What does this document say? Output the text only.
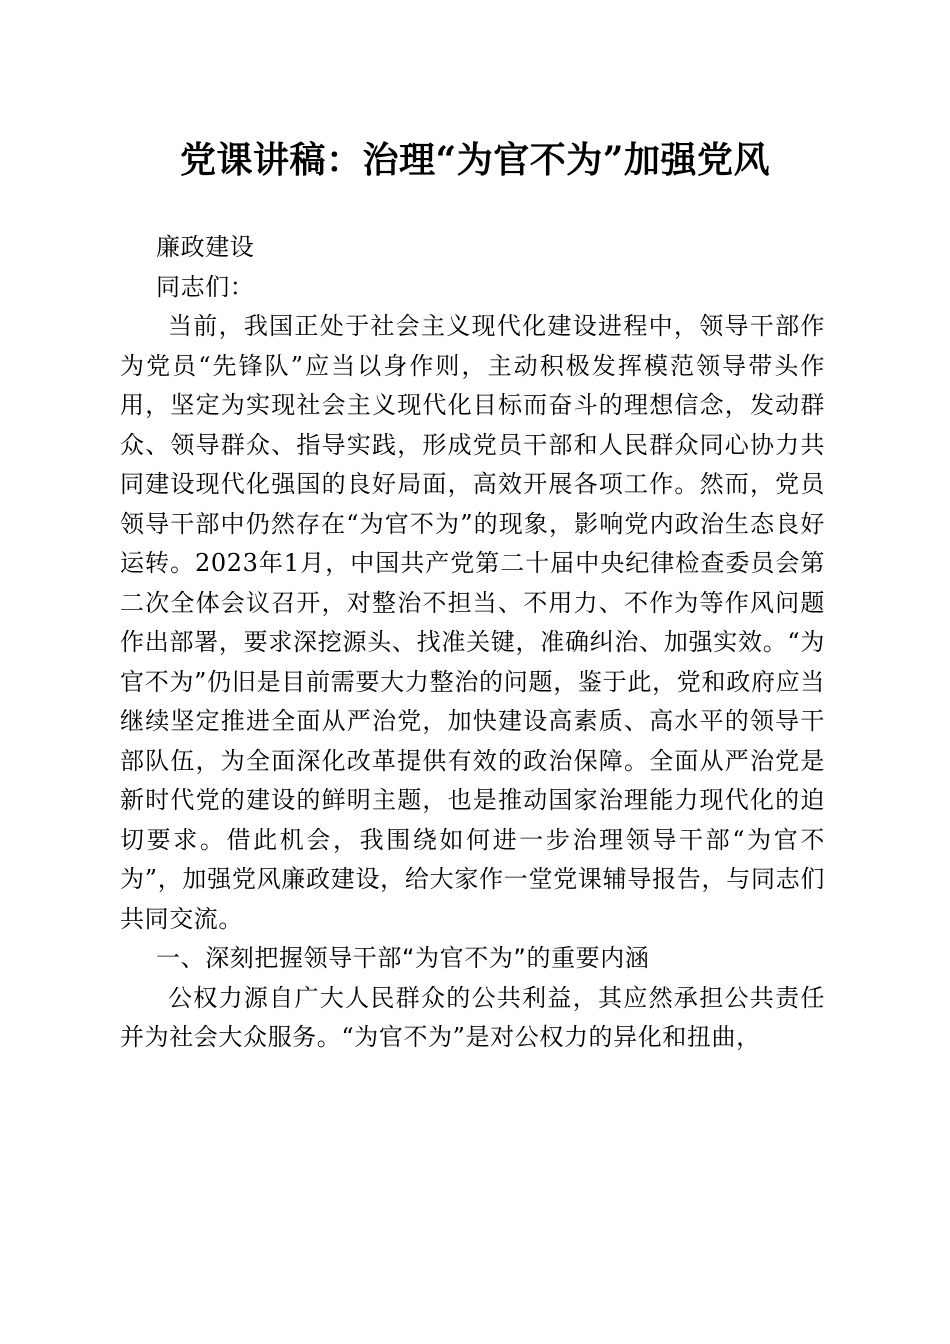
党课讲稿：治理“为官不为”加强党风

廉政建设

同志们：

当前，我国正处于社会主义现代化建设进程中，领导干部作为党员“先锋队”应当以身作则，主动积极发挥模范领导带头作用，坚定为实现社会主义现代化目标而奋斗的理想信念，发动群众、领导群众、指导实践，形成党员干部和人民群众同心协力共同建设现代化强国的良好局面，高效开展各项工作。然而，党员领导干部中仍然存在“为官不为”的现象，影响党内政治生态良好运转。2023年1月，中国共产党第二十届中央纪律检查委员会第二次全体会议召开，对整治不担当、不用力、不作为等作风问题作出部署，要求深挖源头、找准关键，准确纠治、加强实效。“为官不为”仍旧是目前需要大力整治的问题，鉴于此，党和政府应当继续坚定推进全面从严治党，加快建设高素质、高水平的领导干部队伍，为全面深化改革提供有效的政治保障。全面从严治党是新时代党的建设的鲜明主题，也是推动国家治理能力现代化的迫切要求。借此机会，我围绕如何进一步治理领导干部“为官不为”，加强党风廉政建设，给大家作一堂党课辅导报告，与同志们共同交流。

一、深刻把握领导干部“为官不为”的重要内涵

公权力源自广大人民群众的公共利益，其应然承担公共责任并为社会大众服务。“为官不为”是对公权力的异化和扭曲，
